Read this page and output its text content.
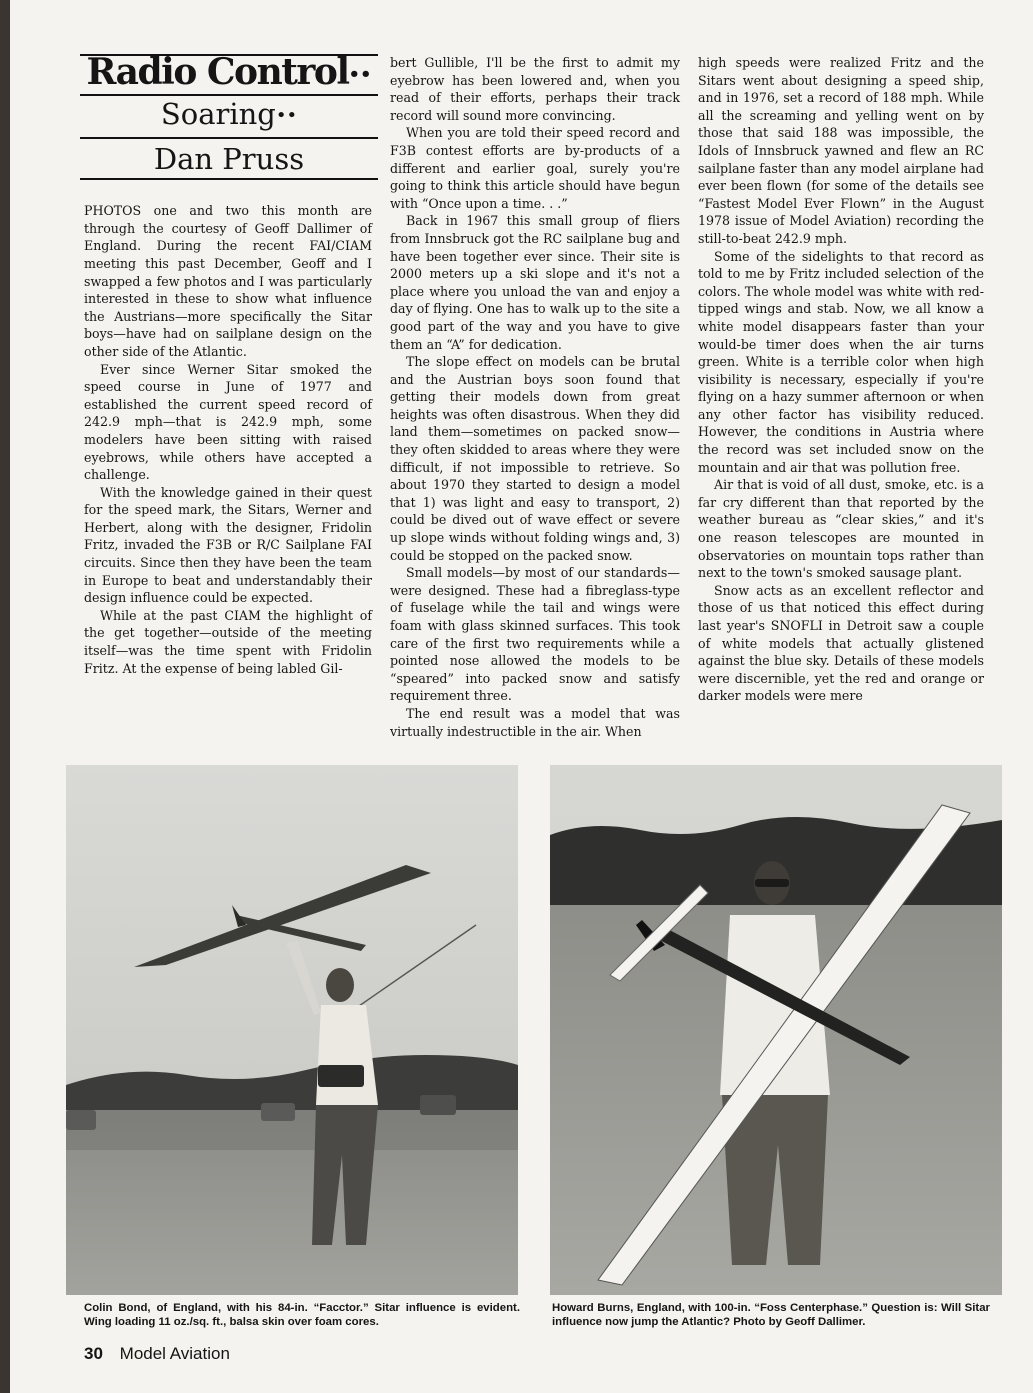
Radio Control••
Soaring••
Dan Pruss

PHOTOS one and two this month are through the courtesy of Geoff Dallimer of England. During the recent FAI/CIAM meeting this past December, Geoff and I swapped a few photos and I was particularly interested in these to show what influence the Austrians—more specifically the Sitar boys—have had on sailplane design on the other side of the Atlantic.

Ever since Werner Sitar smoked the speed course in June of 1977 and established the current speed record of 242.9 mph—that is 242.9 mph, some modelers have been sitting with raised eyebrows, while others have accepted a challenge.

With the knowledge gained in their quest for the speed mark, the Sitars, Werner and Herbert, along with the designer, Fridolin Fritz, invaded the F3B or R/C Sailplane FAI circuits. Since then they have been the team in Europe to beat and understandably their design influence could be expected.

While at the past CIAM the highlight of the get together—outside of the meeting itself—was the time spent with Fridolin Fritz. At the expense of being labled Gil-

bert Gullible, I'll be the first to admit my eyebrow has been lowered and, when you read of their efforts, perhaps their track record will sound more convincing.

When you are told their speed record and F3B contest efforts are by-products of a different and earlier goal, surely you're going to think this article should have begun with “Once upon a time. . .”

Back in 1967 this small group of fliers from Innsbruck got the RC sailplane bug and have been together ever since. Their site is 2000 meters up a ski slope and it's not a place where you unload the van and enjoy a day of flying. One has to walk up to the site a good part of the way and you have to give them an “A” for dedication.

The slope effect on models can be brutal and the Austrian boys soon found that getting their models down from great heights was often disastrous. When they did land them—sometimes on packed snow—they often skidded to areas where they were difficult, if not impossible to retrieve. So about 1970 they started to design a model that 1) was light and easy to transport, 2) could be dived out of wave effect or severe up slope winds without folding wings and, 3) could be stopped on the packed snow.

Small models—by most of our standards—were designed. These had a fibreglass-type of fuselage while the tail and wings were foam with glass skinned surfaces. This took care of the first two requirements while a pointed nose allowed the models to be “speared” into packed snow and satisfy requirement three.

The end result was a model that was virtually indestructible in the air. When

high speeds were realized Fritz and the Sitars went about designing a speed ship, and in 1976, set a record of 188 mph. While all the screaming and yelling went on by those that said 188 was impossible, the Idols of Innsbruck yawned and flew an RC sailplane faster than any model airplane had ever been flown (for some of the details see “Fastest Model Ever Flown” in the August 1978 issue of Model Aviation) recording the still-to-beat 242.9 mph.

Some of the sidelights to that record as told to me by Fritz included selection of the colors. The whole model was white with red-tipped wings and stab. Now, we all know a white model disappears faster than your would-be timer does when the air turns green. White is a terrible color when high visibility is necessary, especially if you're flying on a hazy summer afternoon or when any other factor has visibility reduced. However, the conditions in Austria where the record was set included snow on the mountain and air that was pollution free.

Air that is void of all dust, smoke, etc. is a far cry different than that reported by the weather bureau as “clear skies,” and it's one reason telescopes are mounted in observatories on mountain tops rather than next to the town's smoked sausage plant.

Snow acts as an excellent reflector and those of us that noticed this effect during last year's SNOFLI in Detroit saw a couple of white models that actually glistened against the blue sky. Details of these models were discernible, yet the red and orange or darker models were mere

Colin Bond, of England, with his 84-in. “Facctor.” Sitar influence is evident. Wing loading 11 oz./sq. ft., balsa skin over foam cores.
Howard Burns, England, with 100-in. “Foss Centerphase.” Question is: Will Sitar influence now jump the Atlantic? Photo by Geoff Dallimer.
30 Model Aviation
